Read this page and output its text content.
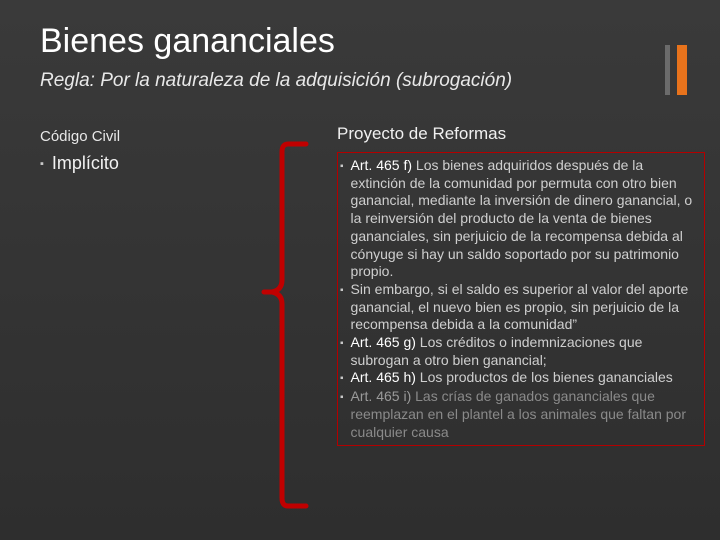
Bienes gananciales
Regla: Por la naturaleza de la adquisición (subrogación)
Código Civil
▪ Implícito
Proyecto de Reformas
▪ Art. 465 f) Los bienes adquiridos después de la extinción de la comunidad por permuta con otro bien ganancial, mediante la inversión de dinero ganancial, o la reinversión del producto de la venta de bienes gananciales, sin perjuicio de la recompensa debida al cónyuge si hay un saldo soportado por su patrimonio propio.
▪ Sin embargo, si el saldo es superior al valor del aporte ganancial, el nuevo bien es propio, sin perjuicio de la recompensa debida a la comunidad”
▪ Art. 465 g) Los créditos o indemnizaciones que subrogan a otro bien ganancial;
▪ Art. 465 h) Los productos de los bienes gananciales
▪ Art. 465 i) Las crías de ganados gananciales que reemplazan en el plantel a los animales que faltan por cualquier causa
